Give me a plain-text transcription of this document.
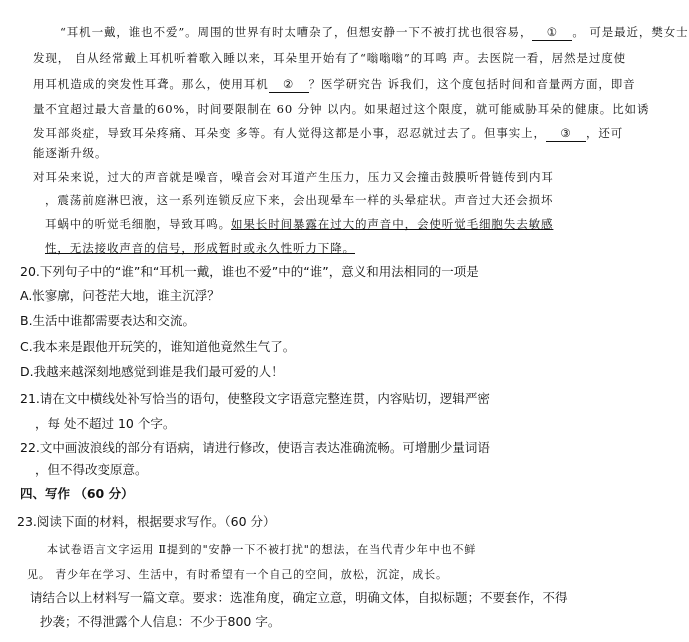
“耳机一戴，谁也不爱”。周围的世界有时太嘈杂了，但想安静一下不被打扰也很容易， ① 。 可是最近，樊女士
发现， 自从经常戴上耳机听着歌入睡以来，耳朵里开始有了“嗡嗡嗡”的耳鸣 声。去医院一看，居然是过度使
用耳机造成的突发性耳聋。那么，使用耳机 ② ？医学研究告 诉我们，这个度包括时间和音量两方面，即音
量不宜超过最大音量的60%，时间要限制在 60 分钟 以内。如果超过这个限度，就可能威胁耳朵的健康。比如诱
发耳部炎症，导致耳朵疼痛、耳朵变 多等。有人觉得这都是小事，忍忍就过去了。但事实上， ③ ，还可
能逐渐升级。
对耳朵来说，过大的声音就是噪音，噪音会对耳道产生压力，压力又会撞击鼓膜听骨链传到内耳
，震荡前庭淋巴液，这一系列连锁反应下来，会出现晕车一样的头晕症状。声音过大还会损坏
耳蜗中的听觉毛细胞，导致耳鸣。如果长时间暴露在过大的声音中，会使听觉毛细胞失去敏感
性，无法接收声音的信号，形成暂时或永久性听力下降。
20.下列句子中的“谁”和“耳机一戴，谁也不爱”中的“谁”，意义和用法相同的一项是
A.怅寥廓，问苍茫大地，谁主沉浮？
B.生活中谁都需要表达和交流。
C.我本来是跟他开玩笑的，谁知道他竟然生气了。
D.我越来越深刻地感觉到谁是我们最可爱的人！
21.请在文中横线处补写恰当的语句，使整段文字语意完整连贯，内容贴切，逻辑严密
，每 处不超过 10 个字。
22.文中画波浪线的部分有语病，请进行修改，使语言表达准确流畅。可增删少量词语
，但不得改变原意。
四、写作 （60 分）
23.阅读下面的材料，根据要求写作。（60 分）
本试卷语言文字运用 Ⅱ提到的"安静一下不被打扰"的想法，在当代青少年中也不鲜
见。 青少年在学习、生活中，有时希望有一个自己的空间，放松，沉淀，成长。
请结合以上材料写一篇文章。要求：选准角度，确定立意，明确文体，自拟标题；不要套作，不得
抄袭；不得泄露个人信息：不少于800 字。
